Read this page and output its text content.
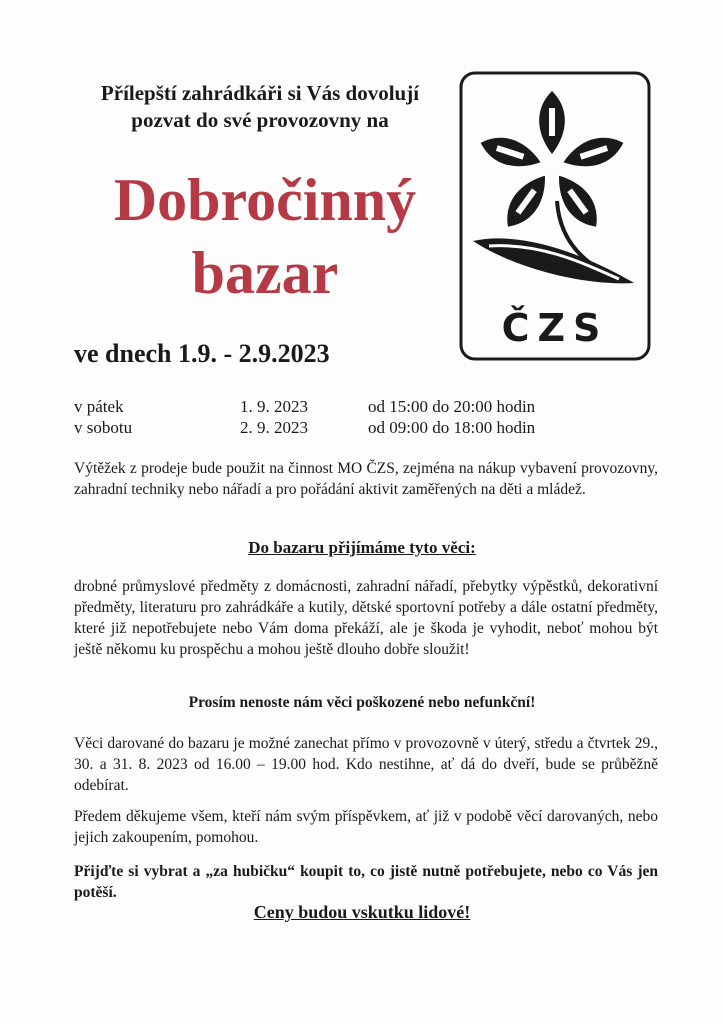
Přílepští zahrádkáři si Vás dovolují
pozvat do své provozovny na
Dobročinný
bazar
ČZS
ve dnech 1.9. - 2.9.2023
v pátek	1. 9. 2023	od 15:00 do 20:00 hodin
v sobotu	2. 9. 2023	od 09:00 do 18:00 hodin
Výtěžek z prodeje bude použit na činnost MO ČZS, zejména na nákup vybavení provozovny, zahradní techniky nebo nářadí a pro pořádání aktivit zaměřených na děti a mládež.
Do bazaru přijímáme tyto věci:
drobné průmyslové předměty z domácnosti, zahradní nářadí, přebytky výpěstků, dekorativní předměty, literaturu pro zahrádkáře a kutily, dětské sportovní potřeby a dále ostatní předměty, které již nepotřebujete nebo Vám doma překáží, ale je škoda je vyhodit, neboť mohou být ještě někomu ku prospěchu a mohou ještě dlouho dobře sloužit!
Prosím nenoste nám věci poškozené nebo nefunkční!
Věci darované do bazaru je možné zanechat přímo v provozovně v úterý, středu a čtvrtek 29., 30. a 31. 8. 2023 od 16.00 – 19.00 hod. Kdo nestihne, ať dá do dveří, bude se průběžně odebírat.
Předem děkujeme všem, kteří nám svým příspěvkem, ať již v podobě věcí darovaných, nebo jejich zakoupením, pomohou.
Přijďte si vybrat a „za hubičku“ koupit to, co jistě nutně potřebujete, nebo co Vás jen potěší.
Ceny budou vskutku lidové!
